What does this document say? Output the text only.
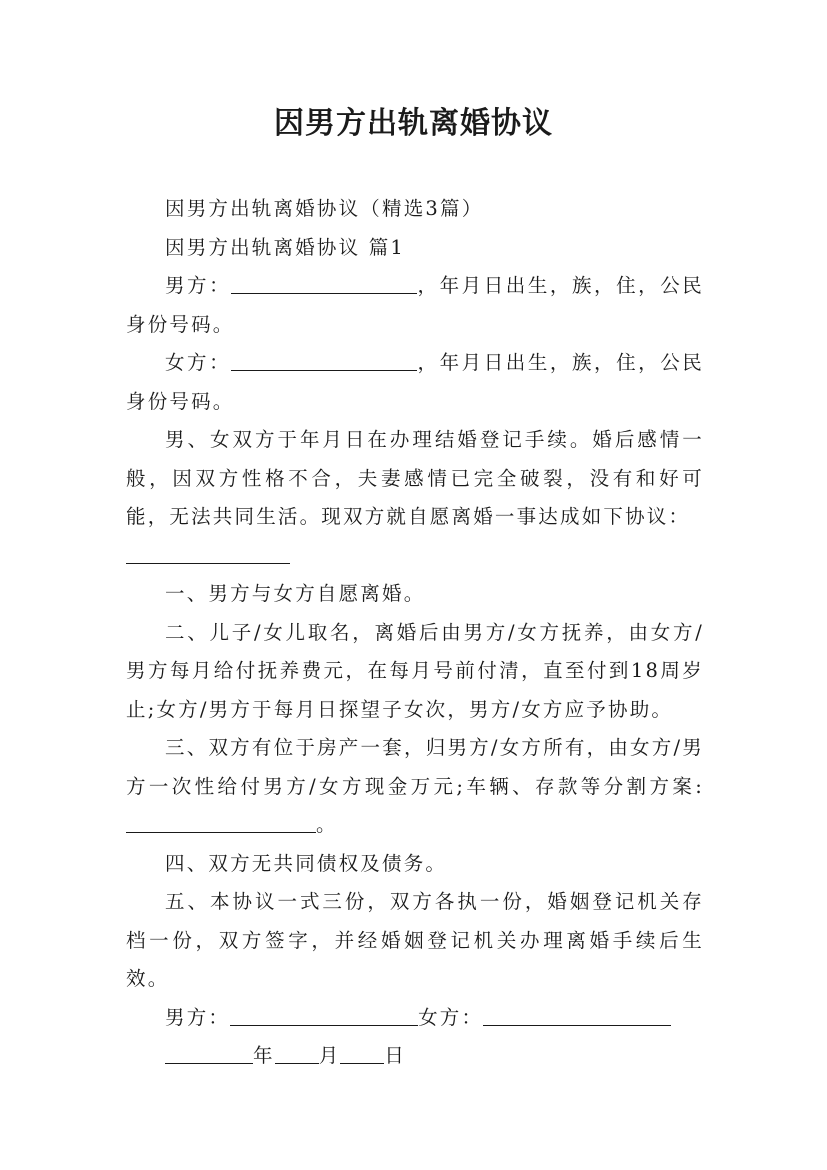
因男方出轨离婚协议

因男方出轨离婚协议（精选3篇）

因男方出轨离婚协议 篇1

男方：	，年月日出生，族，住，公民身份号码。

女方：	，年月日出生，族，住，公民身份号码。

男、女双方于年月日在办理结婚登记手续。婚后感情一般，因双方性格不合，夫妻感情已完全破裂，没有和好可能，无法共同生活。现双方就自愿离婚一事达成如下协议：

一、男方与女方自愿离婚。

二、儿子/女儿取名，离婚后由男方/女方抚养，由女方/男方每月给付抚养费元，在每月号前付清，直至付到18周岁止;女方/男方于每月日探望子女次，男方/女方应予协助。

三、双方有位于房产一套，归男方/女方所有，由女方/男方一次性给付男方/女方现金万元;车辆、存款等分割方案:。

四、双方无共同债权及债务。

五、本协议一式三份，双方各执一份，婚姻登记机关存档一份，双方签字，并经婚姻登记机关办理离婚手续后生效。

男方：	女方：

年 月 日
